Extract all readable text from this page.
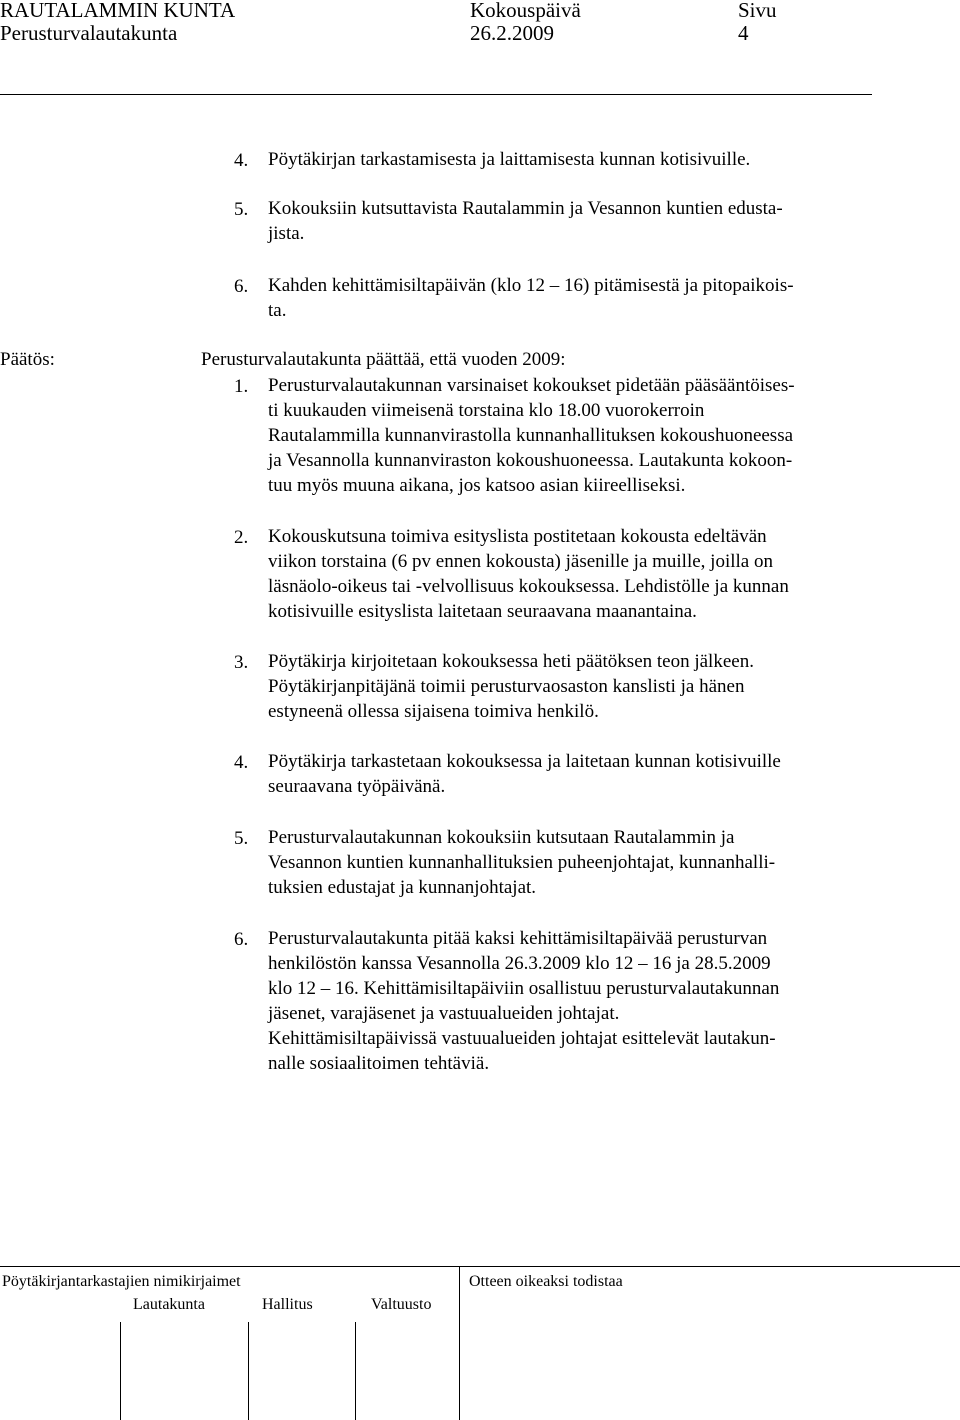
RAUTALAMMIN KUNTA
Perusturvalautakunta
Kokouspäivä
26.2.2009
Sivu
4
4. Pöytäkirjan tarkastamisesta ja laittamisesta kunnan kotisivuille.
5. Kokouksiin kutsuttavista Rautalammin ja Vesannon kuntien edusta-
jista.
6. Kahden kehittämisiltapäivän (klo 12 – 16) pitämisestä ja pitopaikois-
ta.
Päätös:	Perusturvalautakunta päättää, että vuoden 2009:
1. Perusturvalautakunnan varsinaiset kokoukset pidetään pääsääntöises-
ti kuukauden viimeisenä torstaina klo 18.00 vuorokerroin
Rautalammilla kunnanvirastolla kunnanhallituksen kokoushuoneessa
ja Vesannolla kunnanviraston kokoushuoneessa. Lautakunta kokoon-
tuu myös muuna aikana, jos katsoo asian kiireelliseksi.
2. Kokouskutsuna toimiva esityslista postitetaan kokousta edeltävän
viikon torstaina (6 pv ennen kokousta) jäsenille ja muille, joilla on
läsnäolo-oikeus tai -velvollisuus kokouksessa. Lehdistölle ja kunnan
kotisivuille esityslista laitetaan seuraavana maanantaina.
3. Pöytäkirja kirjoitetaan kokouksessa heti päätöksen teon jälkeen.
Pöytäkirjanpitäjänä toimii perusturvaosaston kanslisti ja hänen
estyneenä ollessa sijaisena toimiva henkilö.
4. Pöytäkirja tarkastetaan kokouksessa ja laitetaan kunnan kotisivuille
seuraavana työpäivänä.
5. Perusturvalautakunnan kokouksiin kutsutaan Rautalammin ja
Vesannon kuntien kunnanhallituksien puheenjohtajat, kunnanhalli-
tuksien edustajat ja kunnanjohtajat.
6. Perusturvalautakunta pitää kaksi kehittämisiltapäivää perusturvan
henkilöstön kanssa Vesannolla 26.3.2009 klo 12 – 16 ja 28.5.2009
klo 12 – 16. Kehittämisiltapäiviin osallistuu perusturvalautakunnan
jäsenet, varajäsenet ja vastuualueiden johtajat.
Kehittämisiltapäivissä vastuualueiden johtajat esittelevät lautakun-
nalle sosiaalitoimen tehtäviä.
Pöytäkirjantarkastajien nimikirjaimet
Lautakunta	Hallitus	Valtuusto
Otteen oikeaksi todistaa
